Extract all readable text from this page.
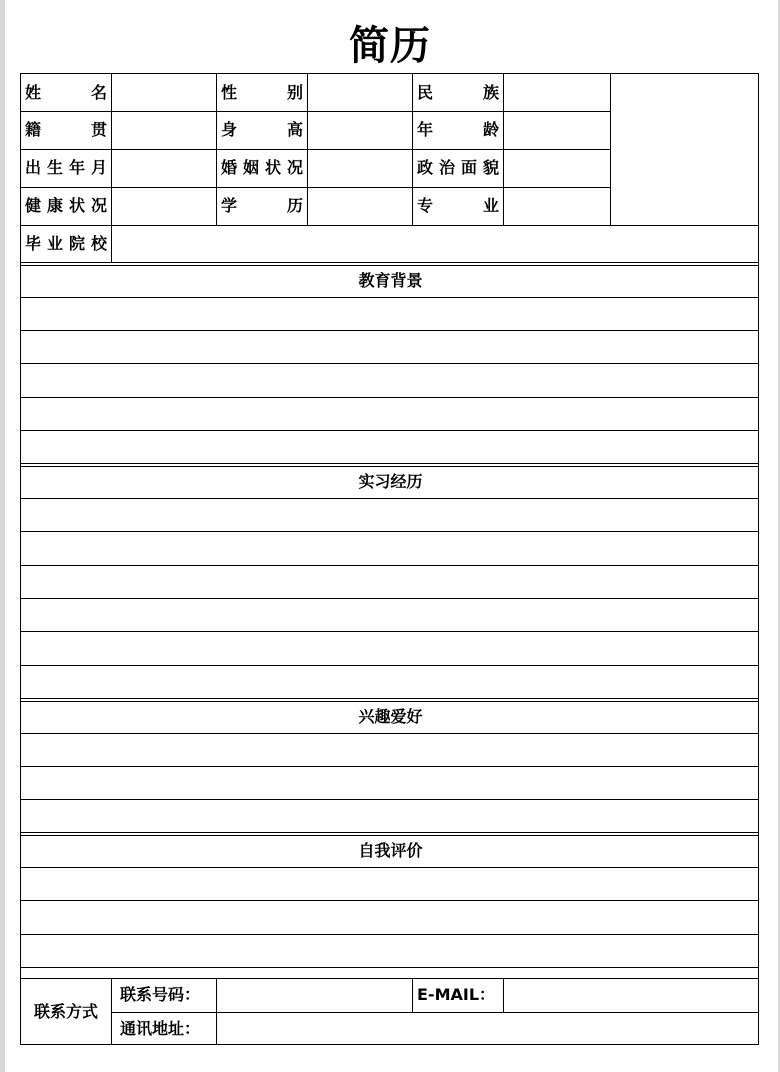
简历
姓名	性别	民族
籍贯	身高	年龄
出生年月	婚姻状况	政治面貌
健康状况	学历	专业
毕业院校
教育背景
实习经历
兴趣爱好
自我评价
联系方式
联系号码：	E-MAIL：
通讯地址：
